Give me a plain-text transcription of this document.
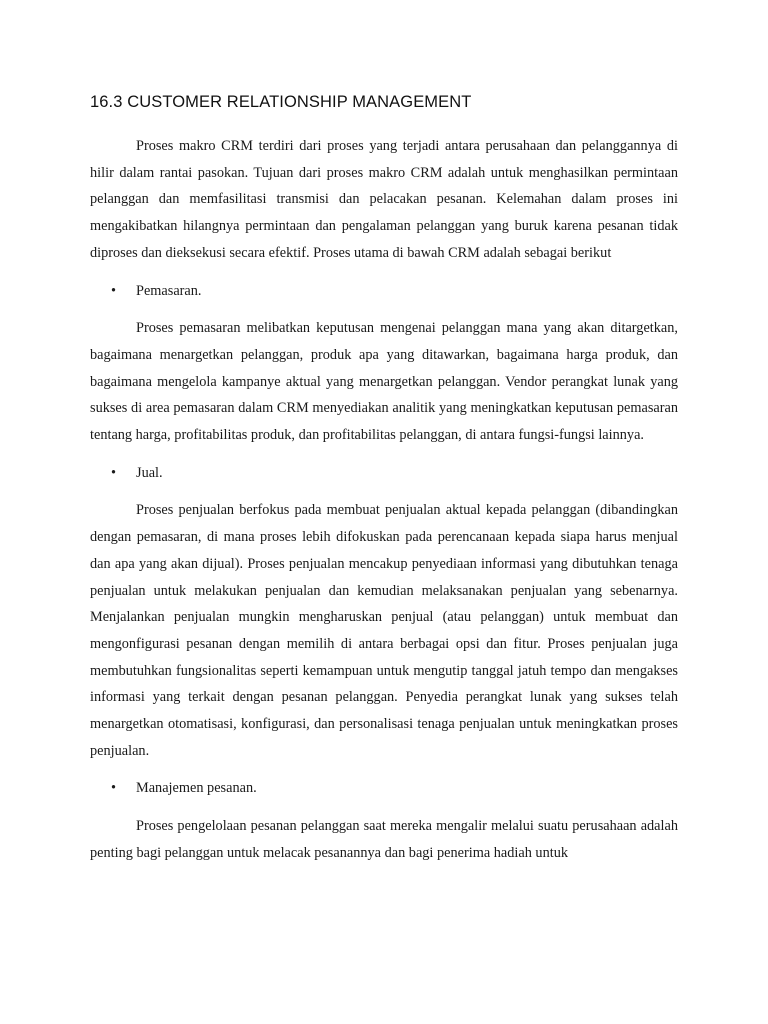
16.3 CUSTOMER RELATIONSHIP MANAGEMENT

Proses makro CRM terdiri dari proses yang terjadi antara perusahaan dan pelanggannya di hilir dalam rantai pasokan. Tujuan dari proses makro CRM adalah untuk menghasilkan permintaan pelanggan dan memfasilitasi transmisi dan pelacakan pesanan. Kelemahan dalam proses ini mengakibatkan hilangnya permintaan dan pengalaman pelanggan yang buruk karena pesanan tidak diproses dan dieksekusi secara efektif. Proses utama di bawah CRM adalah sebagai berikut

• Pemasaran.

Proses pemasaran melibatkan keputusan mengenai pelanggan mana yang akan ditargetkan, bagaimana menargetkan pelanggan, produk apa yang ditawarkan, bagaimana harga produk, dan bagaimana mengelola kampanye aktual yang menargetkan pelanggan. Vendor perangkat lunak yang sukses di area pemasaran dalam CRM menyediakan analitik yang meningkatkan keputusan pemasaran tentang harga, profitabilitas produk, dan profitabilitas pelanggan, di antara fungsi-fungsi lainnya.

• Jual.

Proses penjualan berfokus pada membuat penjualan aktual kepada pelanggan (dibandingkan dengan pemasaran, di mana proses lebih difokuskan pada perencanaan kepada siapa harus menjual dan apa yang akan dijual). Proses penjualan mencakup penyediaan informasi yang dibutuhkan tenaga penjualan untuk melakukan penjualan dan kemudian melaksanakan penjualan yang sebenarnya. Menjalankan penjualan mungkin mengharuskan penjual (atau pelanggan) untuk membuat dan mengonfigurasi pesanan dengan memilih di antara berbagai opsi dan fitur. Proses penjualan juga membutuhkan fungsionalitas seperti kemampuan untuk mengutip tanggal jatuh tempo dan mengakses informasi yang terkait dengan pesanan pelanggan. Penyedia perangkat lunak yang sukses telah menargetkan otomatisasi, konfigurasi, dan personalisasi tenaga penjualan untuk meningkatkan proses penjualan.

• Manajemen pesanan.

Proses pengelolaan pesanan pelanggan saat mereka mengalir melalui suatu perusahaan adalah penting bagi pelanggan untuk melacak pesanannya dan bagi penerima hadiah untuk
